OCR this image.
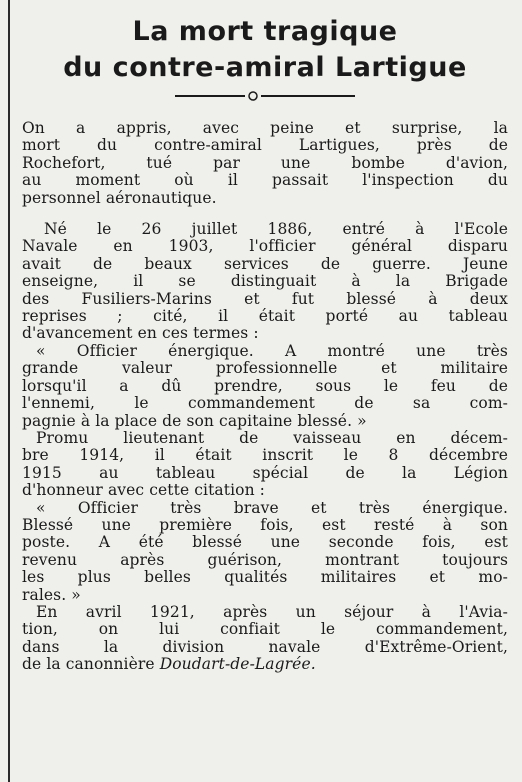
La mort tragique
du contre-amiral Lartigue
On a appris, avec peine et surprise, la
mort du contre-amiral Lartigues, près de
Rochefort, tué par une bombe d'avion,
au moment où il passait l'inspection du
personnel aéronautique.
Né le 26 juillet 1886, entré à l'Ecole
Navale en 1903, l'officier général disparu
avait de beaux services de guerre. Jeune
enseigne, il se distinguait à la Brigade
des Fusiliers-Marins et fut blessé à deux
reprises ; cité, il était porté au tableau
d'avancement en ces termes :
« Officier énergique. A montré une très
grande valeur professionnelle et militaire
lorsqu'il a dû prendre, sous le feu de
l'ennemi, le commandement de sa com-
pagnie à la place de son capitaine blessé. »
Promu lieutenant de vaisseau en décem-
bre 1914, il était inscrit le 8 décembre
1915 au tableau spécial de la Légion
d'honneur avec cette citation :
« Officier très brave et très énergique.
Blessé une première fois, est resté à son
poste. A été blessé une seconde fois, est
revenu après guérison, montrant toujours
les plus belles qualités militaires et mo-
rales. »
En avril 1921, après un séjour à l'Avia-
tion, on lui confiait le commandement,
dans la division navale d'Extrême-Orient,
de la canonnière Doudart-de-Lagrée.
